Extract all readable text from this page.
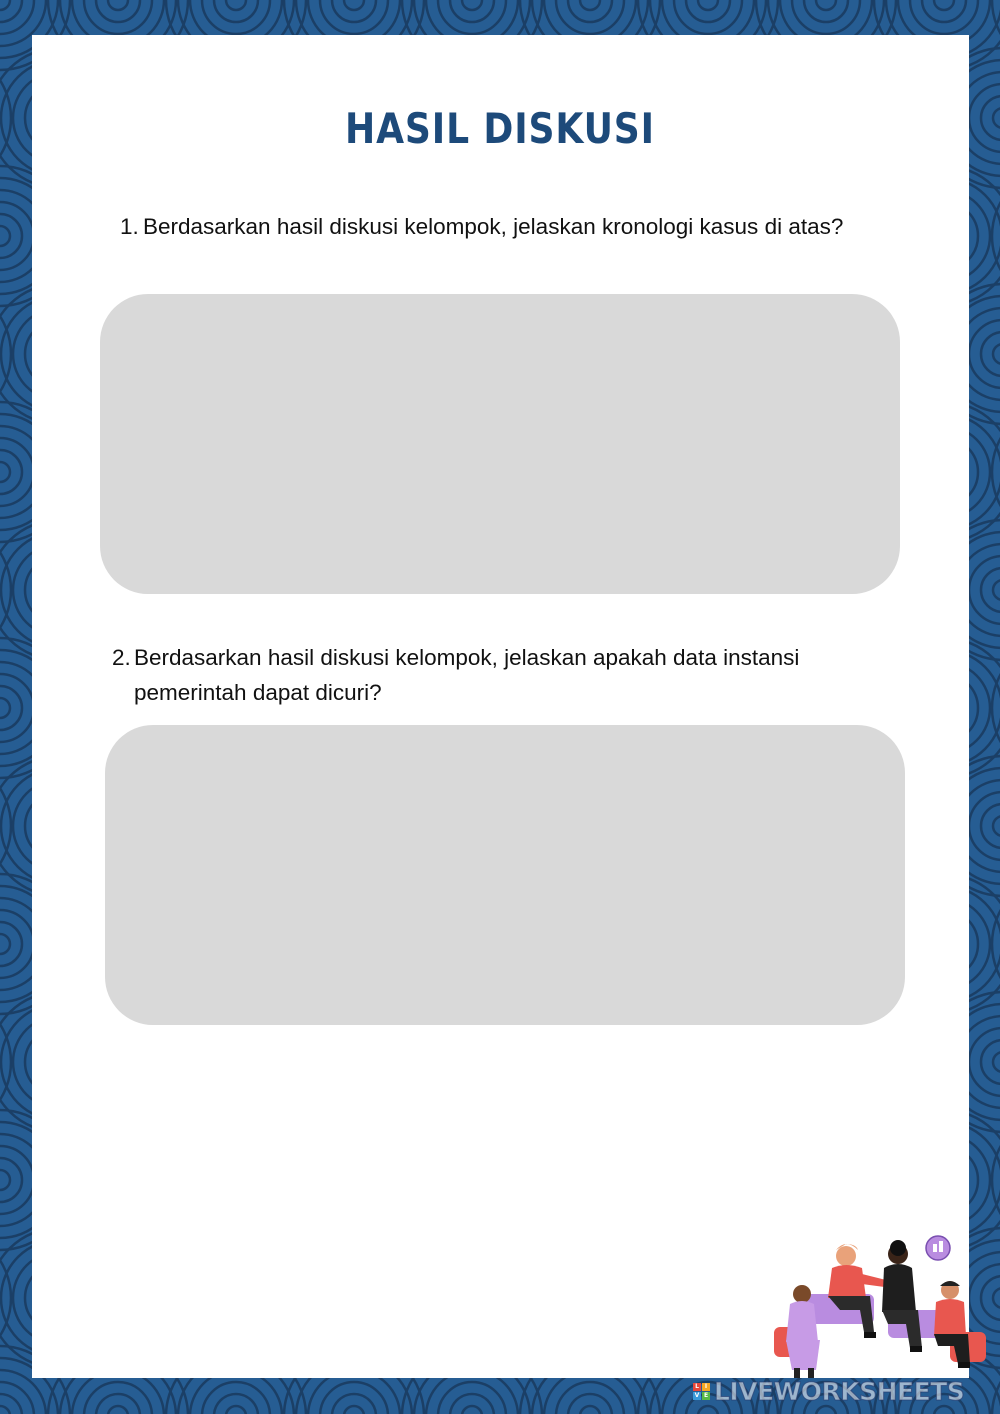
HASIL DISKUSI
1. Berdasarkan hasil diskusi kelompok, jelaskan kronologi kasus di atas?
2. Berdasarkan hasil diskusi kelompok, jelaskan apakah data instansi pemerintah dapat dicuri?
L I
V E LIVEWORKSHEETS
